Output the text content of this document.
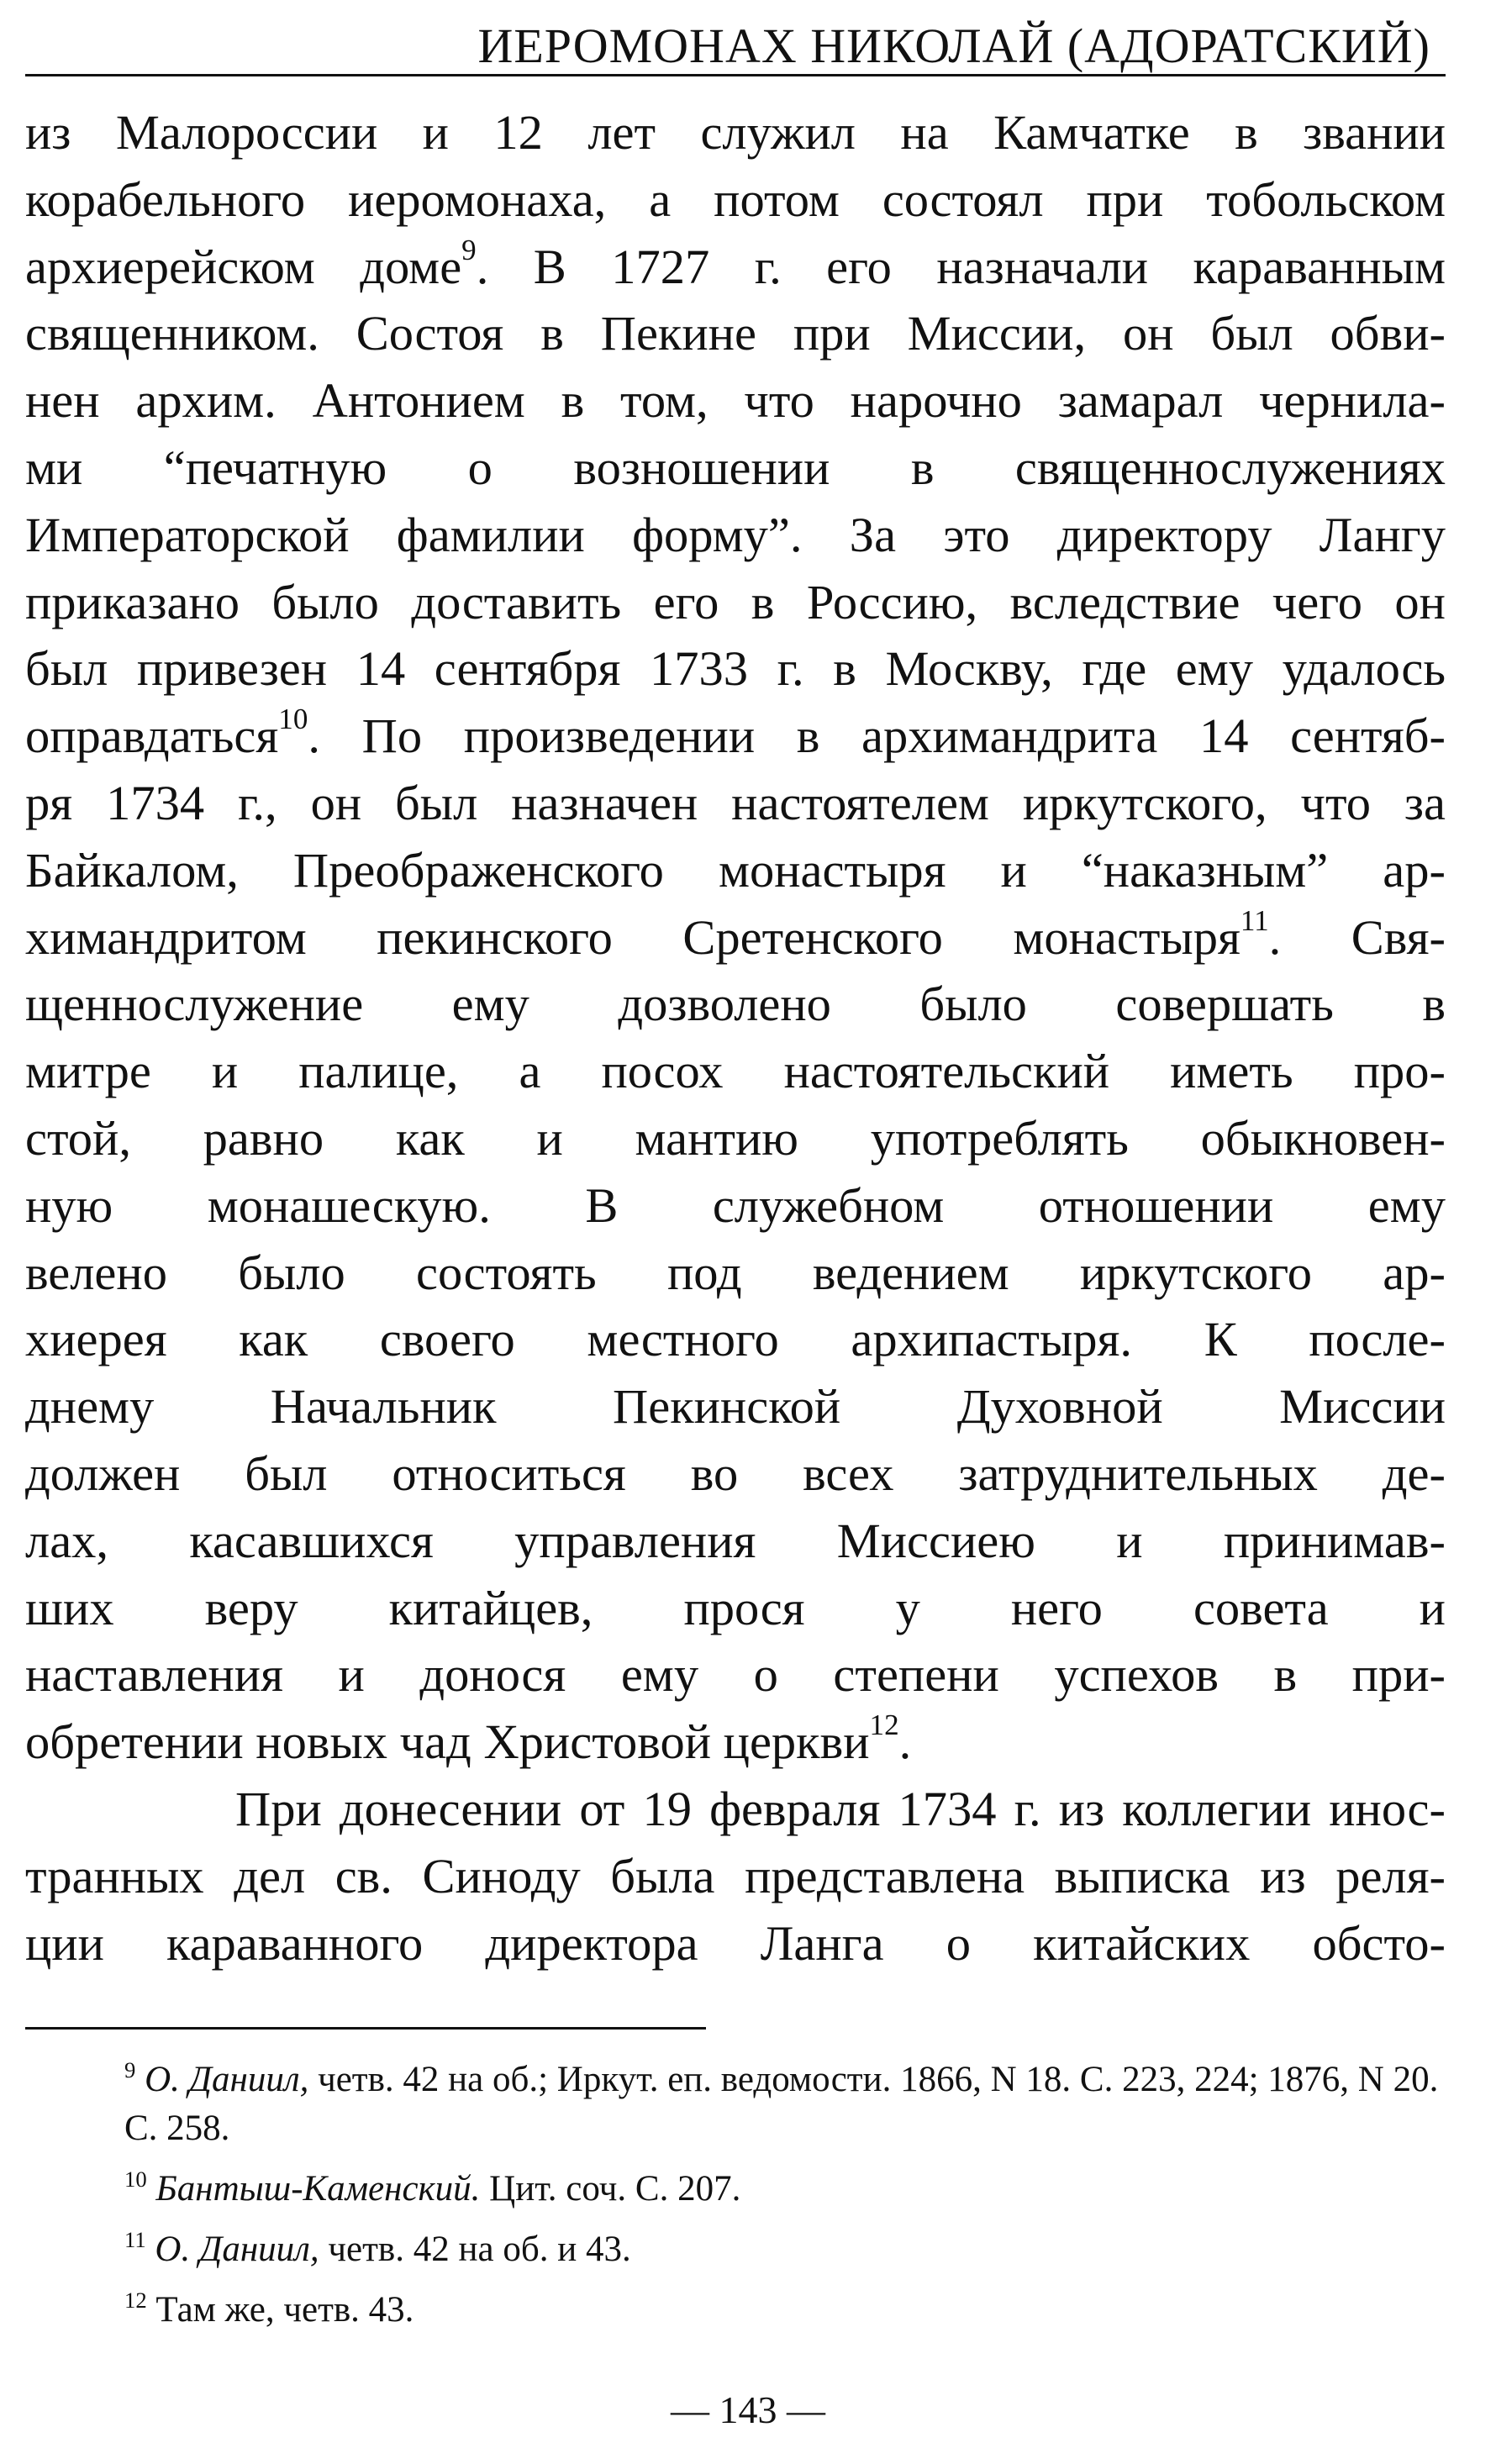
ИЕРОМОНАХ НИКОЛАЙ (АДОРАТСКИЙ)

из Малороссии и 12 лет служил на Камчатке в звании
корабельного иеромонаха, а потом состоял при тобольском
архиерейском доме$^9$. В 1727 г. его назначали караванным
священником. Состоя в Пекине при Миссии, он был обви-
нен архим. Антонием в том, что нарочно замарал чернила-
ми “печатную о возношении в священнослужениях
Императорской фамилии форму”. За это директору Лангу
приказано было доставить его в Россию, вследствие чего он
был привезен 14 сентября 1733 г. в Москву, где ему удалось
оправдаться$^{10}$. По произведении в архимандрита 14 сентяб-
ря 1734 г., он был назначен настоятелем иркутского, что за
Байкалом, Преображенского монастыря и “наказным” ар-
химандритом пекинского Сретенского монастыря$^{11}$. Свя-
щеннослужение ему дозволено было совершать в
митре и палице, а посох настоятельский иметь про-
стой, равно как и мантию употреблять обыкновен-
ную монашескую. В служебном отношении ему
велено было состоять под ведением иркутского ар-
хиерея как своего местного архипастыря. К после-
днему Начальник Пекинской Духовной Миссии
должен был относиться во всех затруднительных де-
лах, касавшихся управления Миссиею и принимав-
ших веру китайцев, прося у него совета и
наставления и донося ему о степени успехов в при-
обретении новых чад Христовой церкви$^{12}$.

При донесении от 19 февраля 1734 г. из коллегии инос-
транных дел св. Синоду была представлена выписка из реля-
ции караванного директора Ланга о китайских обсто-

$^9$ О. Даниил, четв. 42 на об.; Иркут. еп. ведомости. 1866, N 18. С. 223, 224; 1876, N 20. С. 258.

$^{10}$ Бантыш-Каменский. Цит. соч. С. 207.

$^{11}$ О. Даниил, четв. 42 на об. и 43.

$^{12}$ Там же, четв. 43.

— 143 —
